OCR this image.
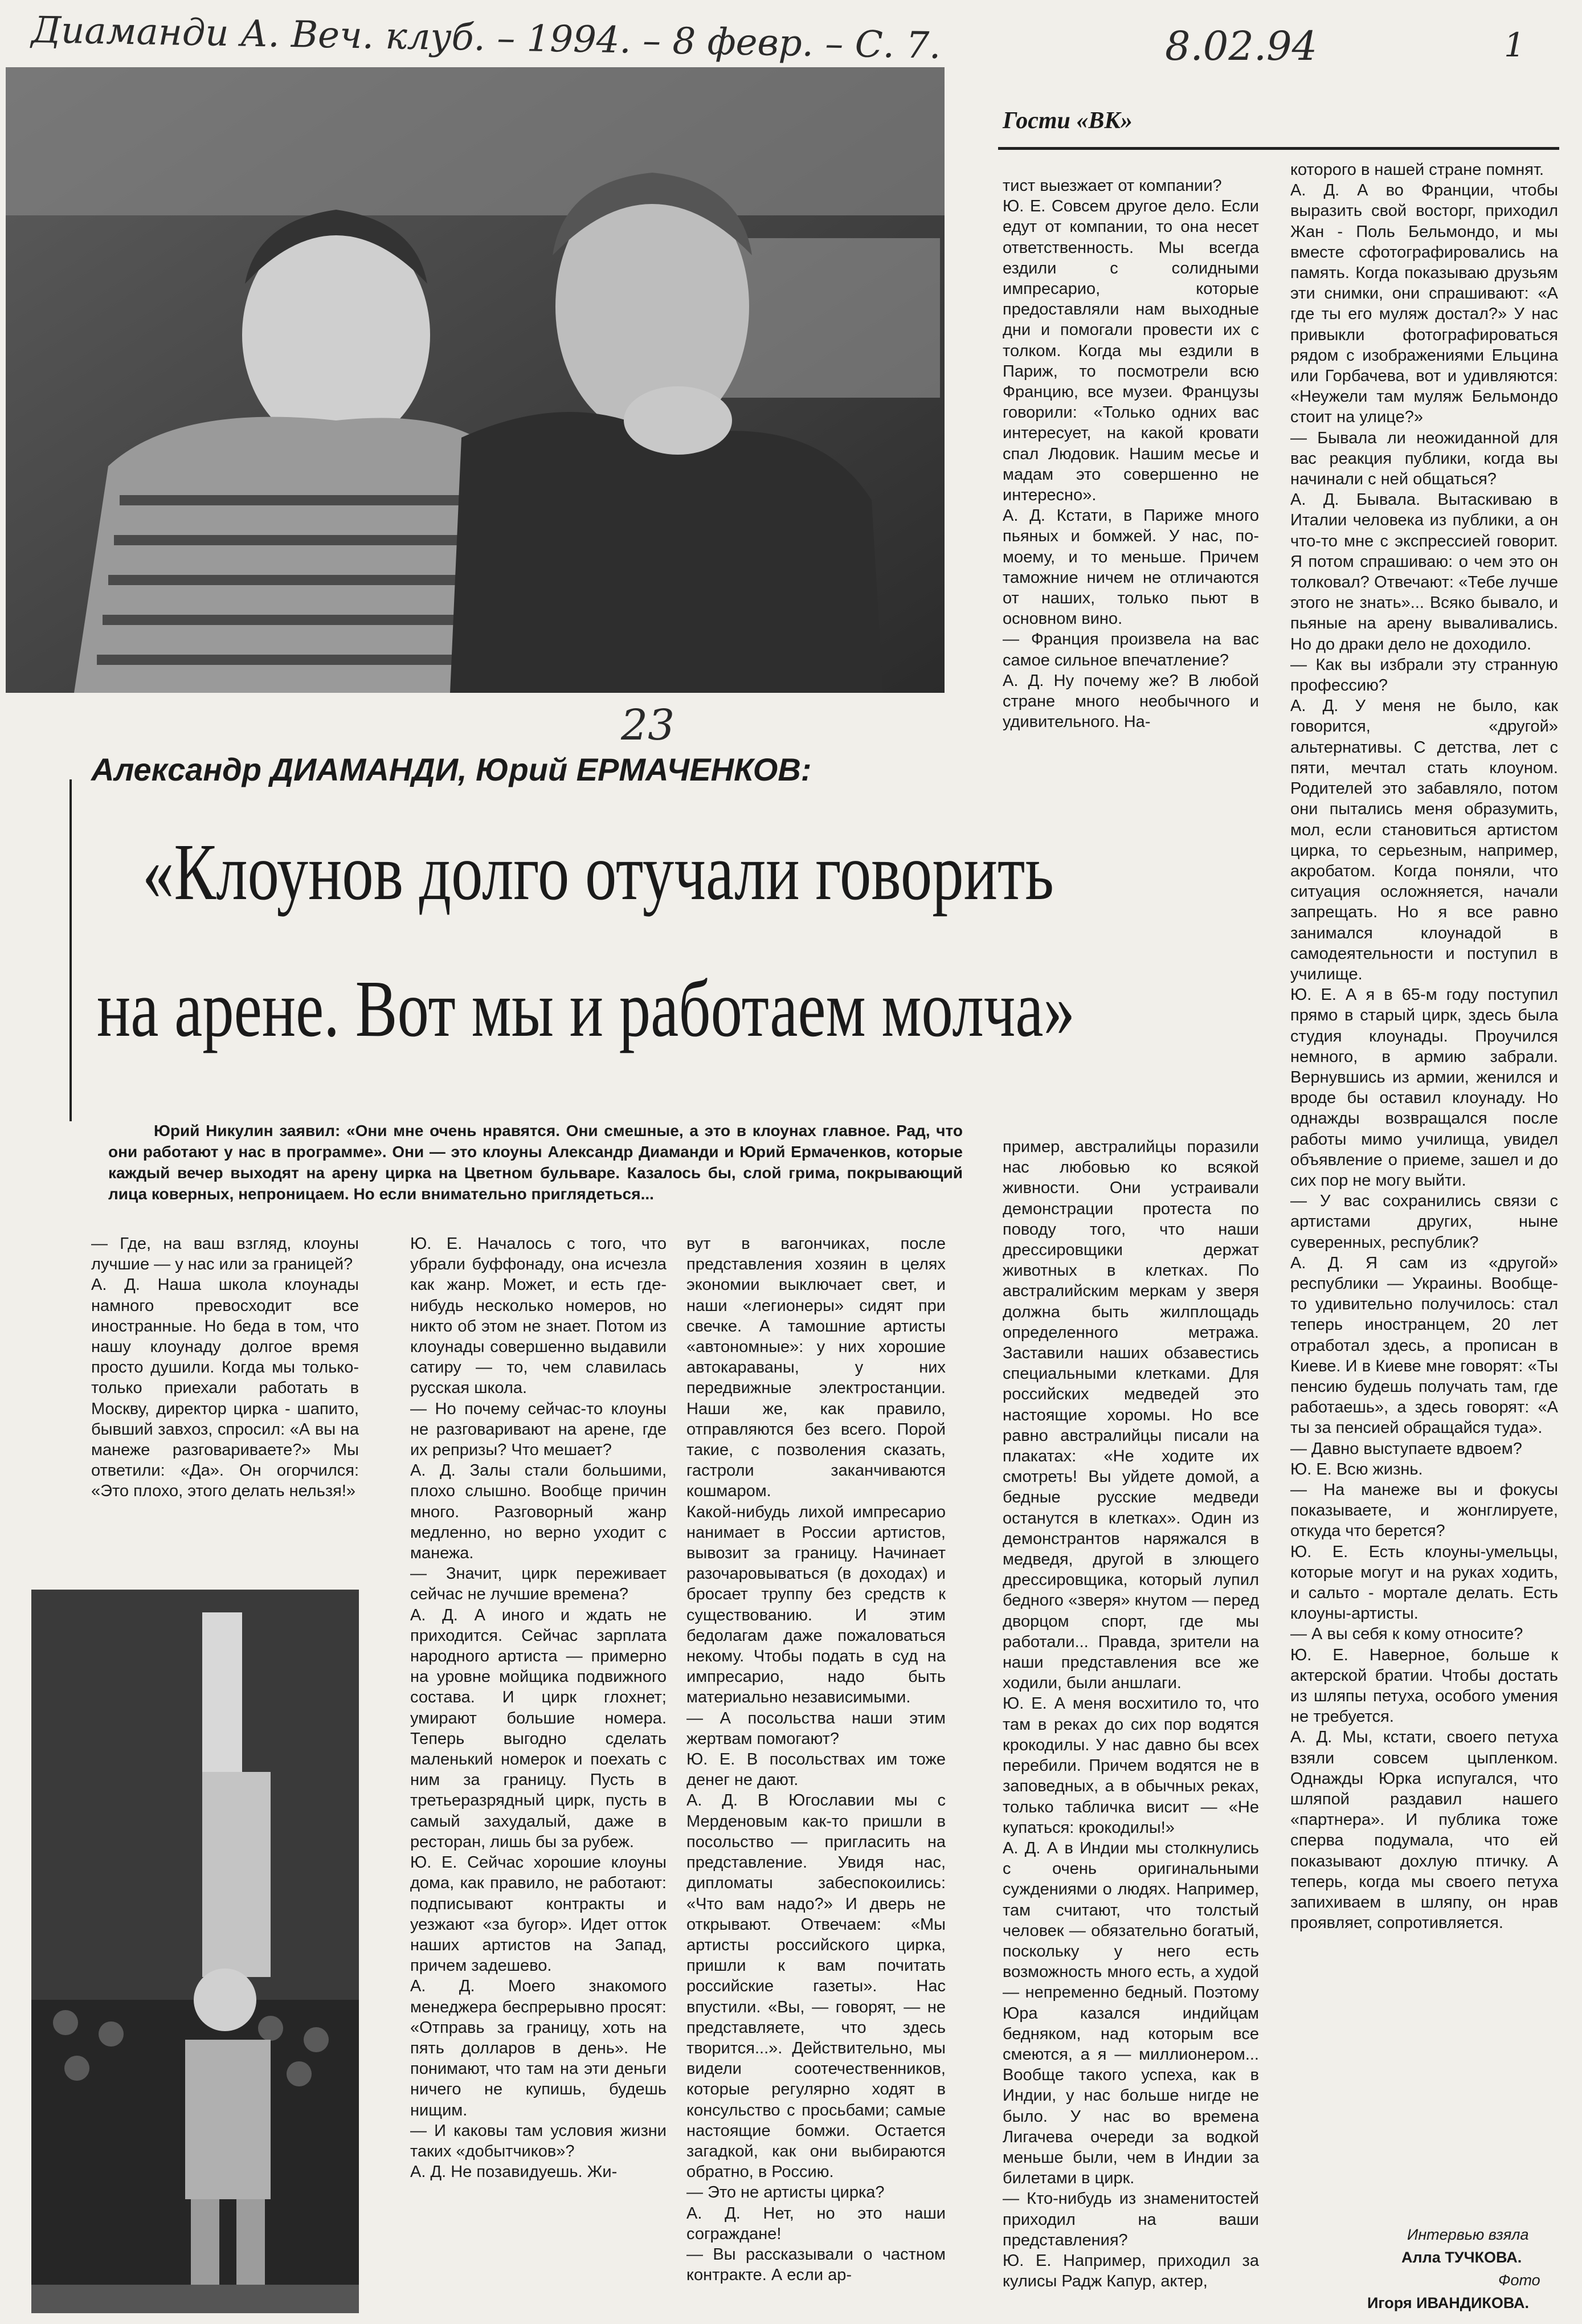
Диаманди А. Веч. клуб. – 1994. – 8 февр. – С. 7.	8.02.94	1
23
Гости «ВК»
Александр ДИАМАНДИ, Юрий ЕРМАЧЕНКОВ:
«Клоунов долго отучали говорить
на арене. Вот мы и работаем молча»
Юрий Никулин заявил: «Они мне очень нравятся. Они смешные, а это в клоунах главное. Рад, что они работают у нас в программе». Они — это клоуны Александр Диаманди и Юрий Ермаченков, которые каждый вечер выходят на арену цирка на Цветном бульваре. Казалось бы, слой грима, покрывающий лица коверных, непроницаем. Но если внимательно приглядеться...
— Где, на ваш взгляд, клоуны лучшие — у нас или за границей?
А. Д. Наша школа клоунады намного превосходит все иностранные. Но беда в том, что нашу клоунаду долгое время просто душили. Когда мы только-только приехали работать в Москву, директор цирка - шапито, бывший завхоз, спросил: «А вы на манеже разговариваете?» Мы ответили: «Да». Он огорчился: «Это плохо, этого делать нельзя!»
Ю. Е. Началось с того, что убрали буффонаду, она исчезла как жанр. Может, и есть где-нибудь несколько номеров, но никто об этом не знает. Потом из клоунады совершенно выдавили сатиру — то, чем славилась русская школа.
— Но почему сейчас-то клоуны не разговаривают на арене, где их репризы? Что мешает?
А. Д. Залы стали большими, плохо слышно. Вообще причин много. Разговорный жанр медленно, но верно уходит с манежа.
— Значит, цирк переживает сейчас не лучшие времена?
А. Д. А иного и ждать не приходится. Сейчас зарплата народного артиста — примерно на уровне мойщика подвижного состава. И цирк глохнет; умирают большие номера. Теперь выгодно сделать маленький номерок и поехать с ним за границу. Пусть в третьеразрядный цирк, пусть в самый захудалый, даже в ресторан, лишь бы за рубеж.
Ю. Е. Сейчас хорошие клоуны дома, как правило, не работают: подписывают контракты и уезжают «за бугор». Идет отток наших артистов на Запад, причем задешево.
А. Д. Моего знакомого менеджера беспрерывно просят: «Отправь за границу, хоть на пять долларов в день». Не понимают, что там на эти деньги ничего не купишь, будешь нищим.
— И каковы там условия жизни таких «добытчиков»?
А. Д. Не позавидуешь. Жи-
вут в вагончиках, после представления хозяин в целях экономии выключает свет, и наши «легионеры» сидят при свечке. А тамошние артисты «автономные»: у них хорошие автокараваны, у них передвижные электростанции. Наши же, как правило, отправляются без всего. Порой такие, с позволения сказать, гастроли заканчиваются кошмаром.
Какой-нибудь лихой импресарио нанимает в России артистов, вывозит за границу. Начинает разочаровываться (в доходах) и бросает труппу без средств к существованию. И этим бедолагам даже пожаловаться некому. Чтобы подать в суд на импресарио, надо быть материально независимыми.
— А посольства наши этим жертвам помогают?
Ю. Е. В посольствах им тоже денег не дают.
А. Д. В Югославии мы с Мерденовым как-то пришли в посольство — пригласить на представление. Увидя нас, дипломаты забеспокоились: «Что вам надо?» И дверь не открывают. Отвечаем: «Мы артисты российского цирка, пришли к вам почитать российские газеты». Нас впустили. «Вы, — говорят, — не представляете, что здесь творится...». Действительно, мы видели соотечественников, которые регулярно ходят в консульство с просьбами; самые настоящие бомжи. Остается загадкой, как они выбираются обратно, в Россию.
— Это не артисты цирка?
А. Д. Нет, но это наши сограждане!
— Вы рассказывали о частном контракте. А если ар-
тист выезжает от компании?
Ю. Е. Совсем другое дело. Если едут от компании, то она несет ответственность. Мы всегда ездили с солидными импресарио, которые предоставляли нам выходные дни и помогали провести их с толком. Когда мы ездили в Париж, то посмотрели всю Францию, все музеи. Французы говорили: «Только одних вас интересует, на какой кровати спал Людовик. Нашим месье и мадам это совершенно не интересно».
А. Д. Кстати, в Париже много пьяных и бомжей. У нас, по-моему, и то меньше. Причем таможние ничем не отличаются от наших, только пьют в основном вино.
— Франция произвела на вас самое сильное впечатление?
А. Д. Ну почему же? В любой стране много необычного и удивительного. На-
пример, австралийцы поразили нас любовью ко всякой живности. Они устраивали демонстрации протеста по поводу того, что наши дрессировщики держат животных в клетках. По австралийским меркам у зверя должна быть жилплощадь определенного метража. Заставили наших обзавестись специальными клетками. Для российских медведей это настоящие хоромы. Но все равно австралийцы писали на плакатах: «Не ходите их смотреть! Вы уйдете домой, а бедные русские медведи останутся в клетках». Один из демонстрантов наряжался в медведя, другой в злющего дрессировщика, который лупил бедного «зверя» кнутом — перед дворцом спорт, где мы работали... Правда, зрители на наши представления все же ходили, были аншлаги.
Ю. Е. А меня восхитило то, что там в реках до сих пор водятся крокодилы. У нас давно бы всех перебили. Причем водятся не в заповедных, а в обычных реках, только табличка висит — «Не купаться: крокодилы!»
А. Д. А в Индии мы столкнулись с очень оригинальными суждениями о людях. Например, там считают, что толстый человек — обязательно богатый, поскольку у него есть возможность много есть, а худой — непременно бедный. Поэтому Юра казался индийцам бедняком, над которым все смеются, а я — миллионером... Вообще такого успеха, как в Индии, у нас больше нигде не было. У нас во времена Лигачева очереди за водкой меньше были, чем в Индии за билетами в цирк.
— Кто-нибудь из знаменитостей приходил на ваши представления?
Ю. Е. Например, приходил за кулисы Радж Капур, актер,
которого в нашей стране помнят.
А. Д. А во Франции, чтобы выразить свой восторг, приходил Жан - Поль Бельмондо, и мы вместе сфотографировались на память. Когда показываю друзьям эти снимки, они спрашивают: «А где ты его муляж достал?» У нас привыкли фотографироваться рядом с изображениями Ельцина или Горбачева, вот и удивляются: «Неужели там муляж Бельмондо стоит на улице?»
— Бывала ли неожиданной для вас реакция публики, когда вы начинали с ней общаться?
А. Д. Бывала. Вытаскиваю в Италии человека из публики, а он что-то мне с экспрессией говорит. Я потом спрашиваю: о чем это он толковал? Отвечают: «Тебе лучше этого не знать»... Всяко бывало, и пьяные на арену вываливались. Но до драки дело не доходило.
— Как вы избрали эту странную профессию?
А. Д. У меня не было, как говорится, «другой» альтернативы. С детства, лет с пяти, мечтал стать клоуном. Родителей это забавляло, потом они пытались меня образумить, мол, если становиться артистом цирка, то серьезным, например, акробатом. Когда поняли, что ситуация осложняется, начали запрещать. Но я все равно занимался клоунадой в самодеятельности и поступил в училище.
Ю. Е. А я в 65-м году поступил прямо в старый цирк, здесь была студия клоунады. Проучился немного, в армию забрали. Вернувшись из армии, женился и вроде бы оставил клоунаду. Но однажды возвращался после работы мимо училища, увидел объявление о приеме, зашел и до сих пор не могу выйти.
— У вас сохранились связи с артистами других, ныне суверенных, республик?
А. Д. Я сам из «другой» республики — Украины. Вообще-то удивительно получилось: стал теперь иностранцем, 20 лет отработал здесь, а прописан в Киеве. И в Киеве мне говорят: «Ты пенсию будешь получать там, где работаешь», а здесь говорят: «А ты за пенсией обращайся туда».
— Давно выступаете вдвоем?
Ю. Е. Всю жизнь.
— На манеже вы и фокусы показываете, и жонглируете, откуда что берется?
Ю. Е. Есть клоуны-умельцы, которые могут и на руках ходить, и сальто - мортале делать. Есть клоуны-артисты.
— А вы себя к кому относите?
Ю. Е. Наверное, больше к актерской братии. Чтобы достать из шляпы петуха, особого умения не требуется.
А. Д. Мы, кстати, своего петуха взяли совсем цыпленком. Однажды Юрка испугался, что шляпой раздавил нашего «партнера». И публика тоже сперва подумала, что ей показывают дохлую птичку. А теперь, когда мы своего петуха запихиваем в шляпу, он нрав проявляет, сопротивляется.
Интервью взяла
Алла ТУЧКОВА.
Фото
Игоря ИВАНДИКОВА.
